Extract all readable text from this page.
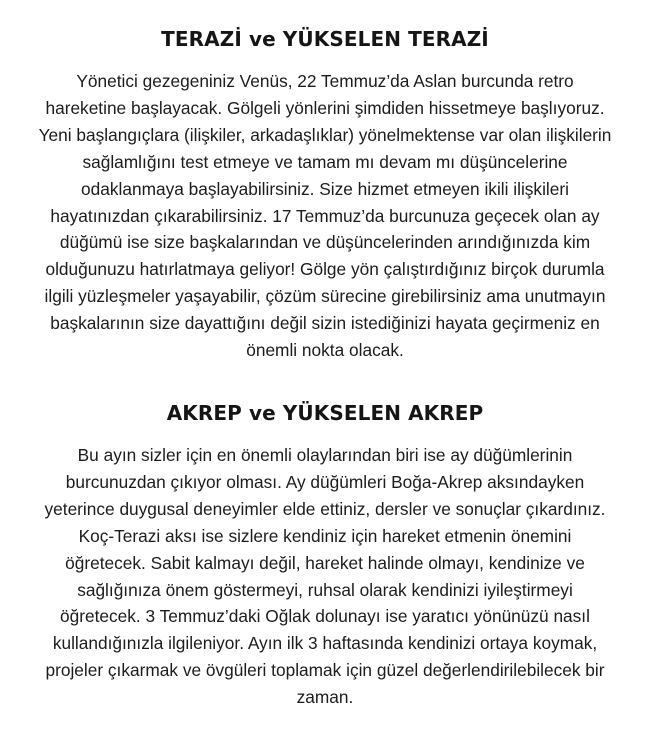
TERAZİ ve YÜKSELEN TERAZİ

Yönetici gezegeniniz Venüs, 22 Temmuz’da Aslan burcunda retro
hareketine başlayacak. Gölgeli yönlerini şimdiden hissetmeye başlıyoruz.
Yeni başlangıçlara (ilişkiler, arkadaşlıklar) yönelmektense var olan ilişkilerin
sağlamlığını test etmeye ve tamam mı devam mı düşüncelerine
odaklanmaya başlayabilirsiniz. Size hizmet etmeyen ikili ilişkileri
hayatınızdan çıkarabilirsiniz. 17 Temmuz’da burcunuza geçecek olan ay
düğümü ise size başkalarından ve düşüncelerinden arındığınızda kim
olduğunuzu hatırlatmaya geliyor! Gölge yön çalıştırdığınız birçok durumla
ilgili yüzleşmeler yaşayabilir, çözüm sürecine girebilirsiniz ama unutmayın
başkalarının size dayattığını değil sizin istediğinizi hayata geçirmeniz en
önemli nokta olacak.

AKREP ve YÜKSELEN AKREP

Bu ayın sizler için en önemli olaylarından biri ise ay düğümlerinin
burcunuzdan çıkıyor olması. Ay düğümleri Boğa-Akrep aksındayken
yeterince duygusal deneyimler elde ettiniz, dersler ve sonuçlar çıkardınız.
Koç-Terazi aksı ise sizlere kendiniz için hareket etmenin önemini
öğretecek. Sabit kalmayı değil, hareket halinde olmayı, kendinize ve
sağlığınıza önem göstermeyi, ruhsal olarak kendinizi iyileştirmeyi
öğretecek. 3 Temmuz’daki Oğlak dolunayı ise yaratıcı yönünüzü nasıl
kullandığınızla ilgileniyor. Ayın ilk 3 haftasında kendinizi ortaya koymak,
projeler çıkarmak ve övgüleri toplamak için güzel değerlendirilebilecek bir
zaman.
